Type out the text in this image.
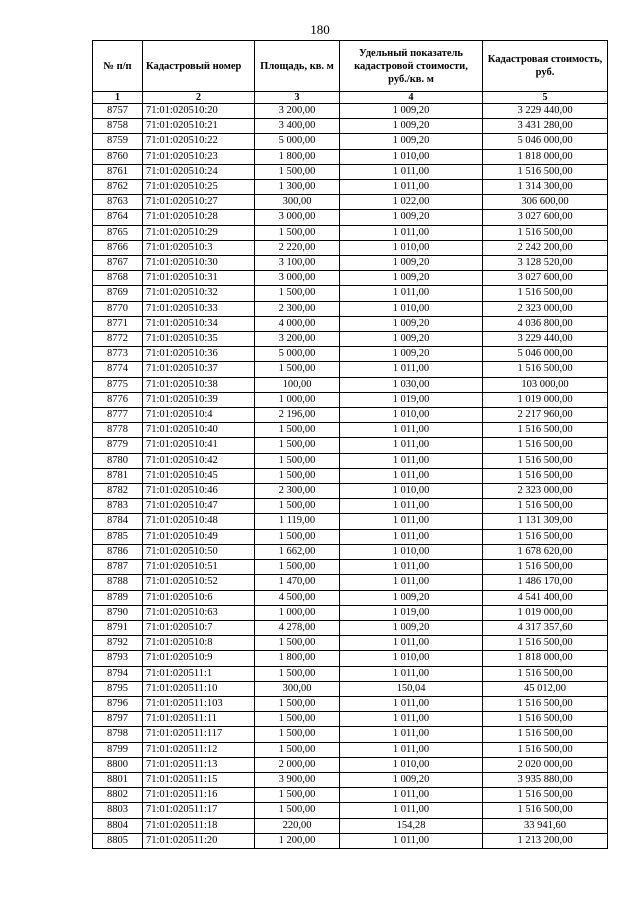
180
№ п/п	Кадастровый номер	Площадь, кв. м	Удельный показатель кадастровой стоимости, руб./кв. м	Кадастровая стоимость, руб.
1	2	3	4	5
8757	71:01:020510:20	3 200,00	1 009,20	3 229 440,00
8758	71:01:020510:21	3 400,00	1 009,20	3 431 280,00
8759	71:01:020510:22	5 000,00	1 009,20	5 046 000,00
8760	71:01:020510:23	1 800,00	1 010,00	1 818 000,00
8761	71:01:020510:24	1 500,00	1 011,00	1 516 500,00
8762	71:01:020510:25	1 300,00	1 011,00	1 314 300,00
8763	71:01:020510:27	300,00	1 022,00	306 600,00
8764	71:01:020510:28	3 000,00	1 009,20	3 027 600,00
8765	71:01:020510:29	1 500,00	1 011,00	1 516 500,00
8766	71:01:020510:3	2 220,00	1 010,00	2 242 200,00
8767	71:01:020510:30	3 100,00	1 009,20	3 128 520,00
8768	71:01:020510:31	3 000,00	1 009,20	3 027 600,00
8769	71:01:020510:32	1 500,00	1 011,00	1 516 500,00
8770	71:01:020510:33	2 300,00	1 010,00	2 323 000,00
8771	71:01:020510:34	4 000,00	1 009,20	4 036 800,00
8772	71:01:020510:35	3 200,00	1 009,20	3 229 440,00
8773	71:01:020510:36	5 000,00	1 009,20	5 046 000,00
8774	71:01:020510:37	1 500,00	1 011,00	1 516 500,00
8775	71:01:020510:38	100,00	1 030,00	103 000,00
8776	71:01:020510:39	1 000,00	1 019,00	1 019 000,00
8777	71:01:020510:4	2 196,00	1 010,00	2 217 960,00
8778	71:01:020510:40	1 500,00	1 011,00	1 516 500,00
8779	71:01:020510:41	1 500,00	1 011,00	1 516 500,00
8780	71:01:020510:42	1 500,00	1 011,00	1 516 500,00
8781	71:01:020510:45	1 500,00	1 011,00	1 516 500,00
8782	71:01:020510:46	2 300,00	1 010,00	2 323 000,00
8783	71:01:020510:47	1 500,00	1 011,00	1 516 500,00
8784	71:01:020510:48	1 119,00	1 011,00	1 131 309,00
8785	71:01:020510:49	1 500,00	1 011,00	1 516 500,00
8786	71:01:020510:50	1 662,00	1 010,00	1 678 620,00
8787	71:01:020510:51	1 500,00	1 011,00	1 516 500,00
8788	71:01:020510:52	1 470,00	1 011,00	1 486 170,00
8789	71:01:020510:6	4 500,00	1 009,20	4 541 400,00
8790	71:01:020510:63	1 000,00	1 019,00	1 019 000,00
8791	71:01:020510:7	4 278,00	1 009,20	4 317 357,60
8792	71:01:020510:8	1 500,00	1 011,00	1 516 500,00
8793	71:01:020510:9	1 800,00	1 010,00	1 818 000,00
8794	71:01:020511:1	1 500,00	1 011,00	1 516 500,00
8795	71:01:020511:10	300,00	150,04	45 012,00
8796	71:01:020511:103	1 500,00	1 011,00	1 516 500,00
8797	71:01:020511:11	1 500,00	1 011,00	1 516 500,00
8798	71:01:020511:117	1 500,00	1 011,00	1 516 500,00
8799	71:01:020511:12	1 500,00	1 011,00	1 516 500,00
8800	71:01:020511:13	2 000,00	1 010,00	2 020 000,00
8801	71:01:020511:15	3 900,00	1 009,20	3 935 880,00
8802	71:01:020511:16	1 500,00	1 011,00	1 516 500,00
8803	71:01:020511:17	1 500,00	1 011,00	1 516 500,00
8804	71:01:020511:18	220,00	154,28	33 941,60
8805	71:01:020511:20	1 200,00	1 011,00	1 213 200,00
